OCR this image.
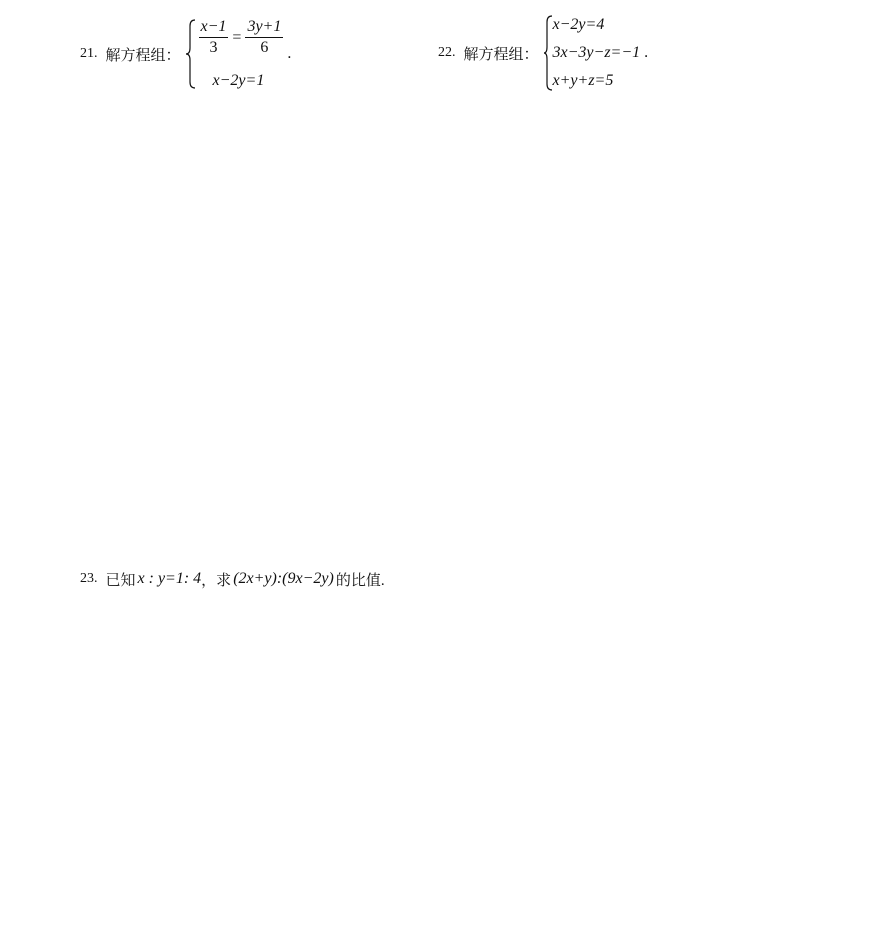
21. 解方程组： $\frac{x-1}{3} = \frac{3y+1}{6}$
x−2y=1
.	22. 解方程组：
x−2y=4
3x−3y−z=−1
x+y+z=5
.
23. 已知 x : y=1: 4 ，求 (2x+y):(9x−2y) 的比值.
